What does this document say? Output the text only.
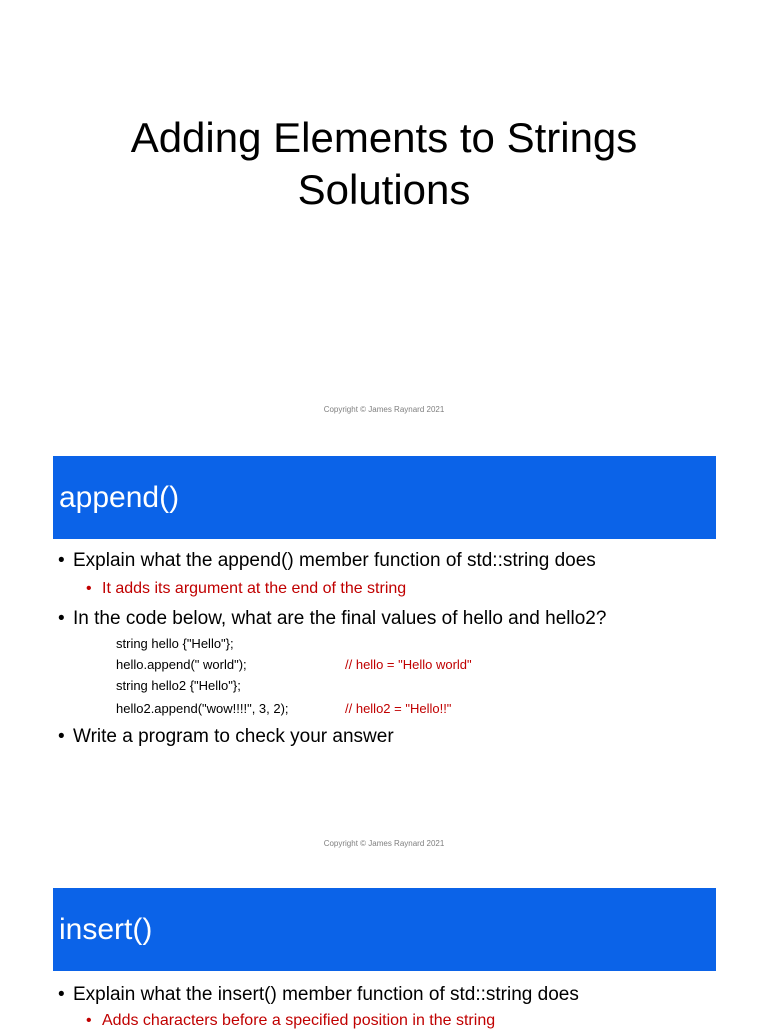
Adding Elements to Strings
Solutions
Copyright © James Raynard 2021
append()
• Explain what the append() member function of std::string does
• It adds its argument at the end of the string
• In the code below, what are the final values of hello and hello2?
string hello {"Hello"};
hello.append(" world");	// hello = "Hello world"
string hello2 {"Hello"};
hello2.append("wow!!!!", 3, 2);	// hello2 = "Hello!!"
• Write a program to check your answer
Copyright © James Raynard 2021
insert()
• Explain what the insert() member function of std::string does
• Adds characters before a specified position in the string
